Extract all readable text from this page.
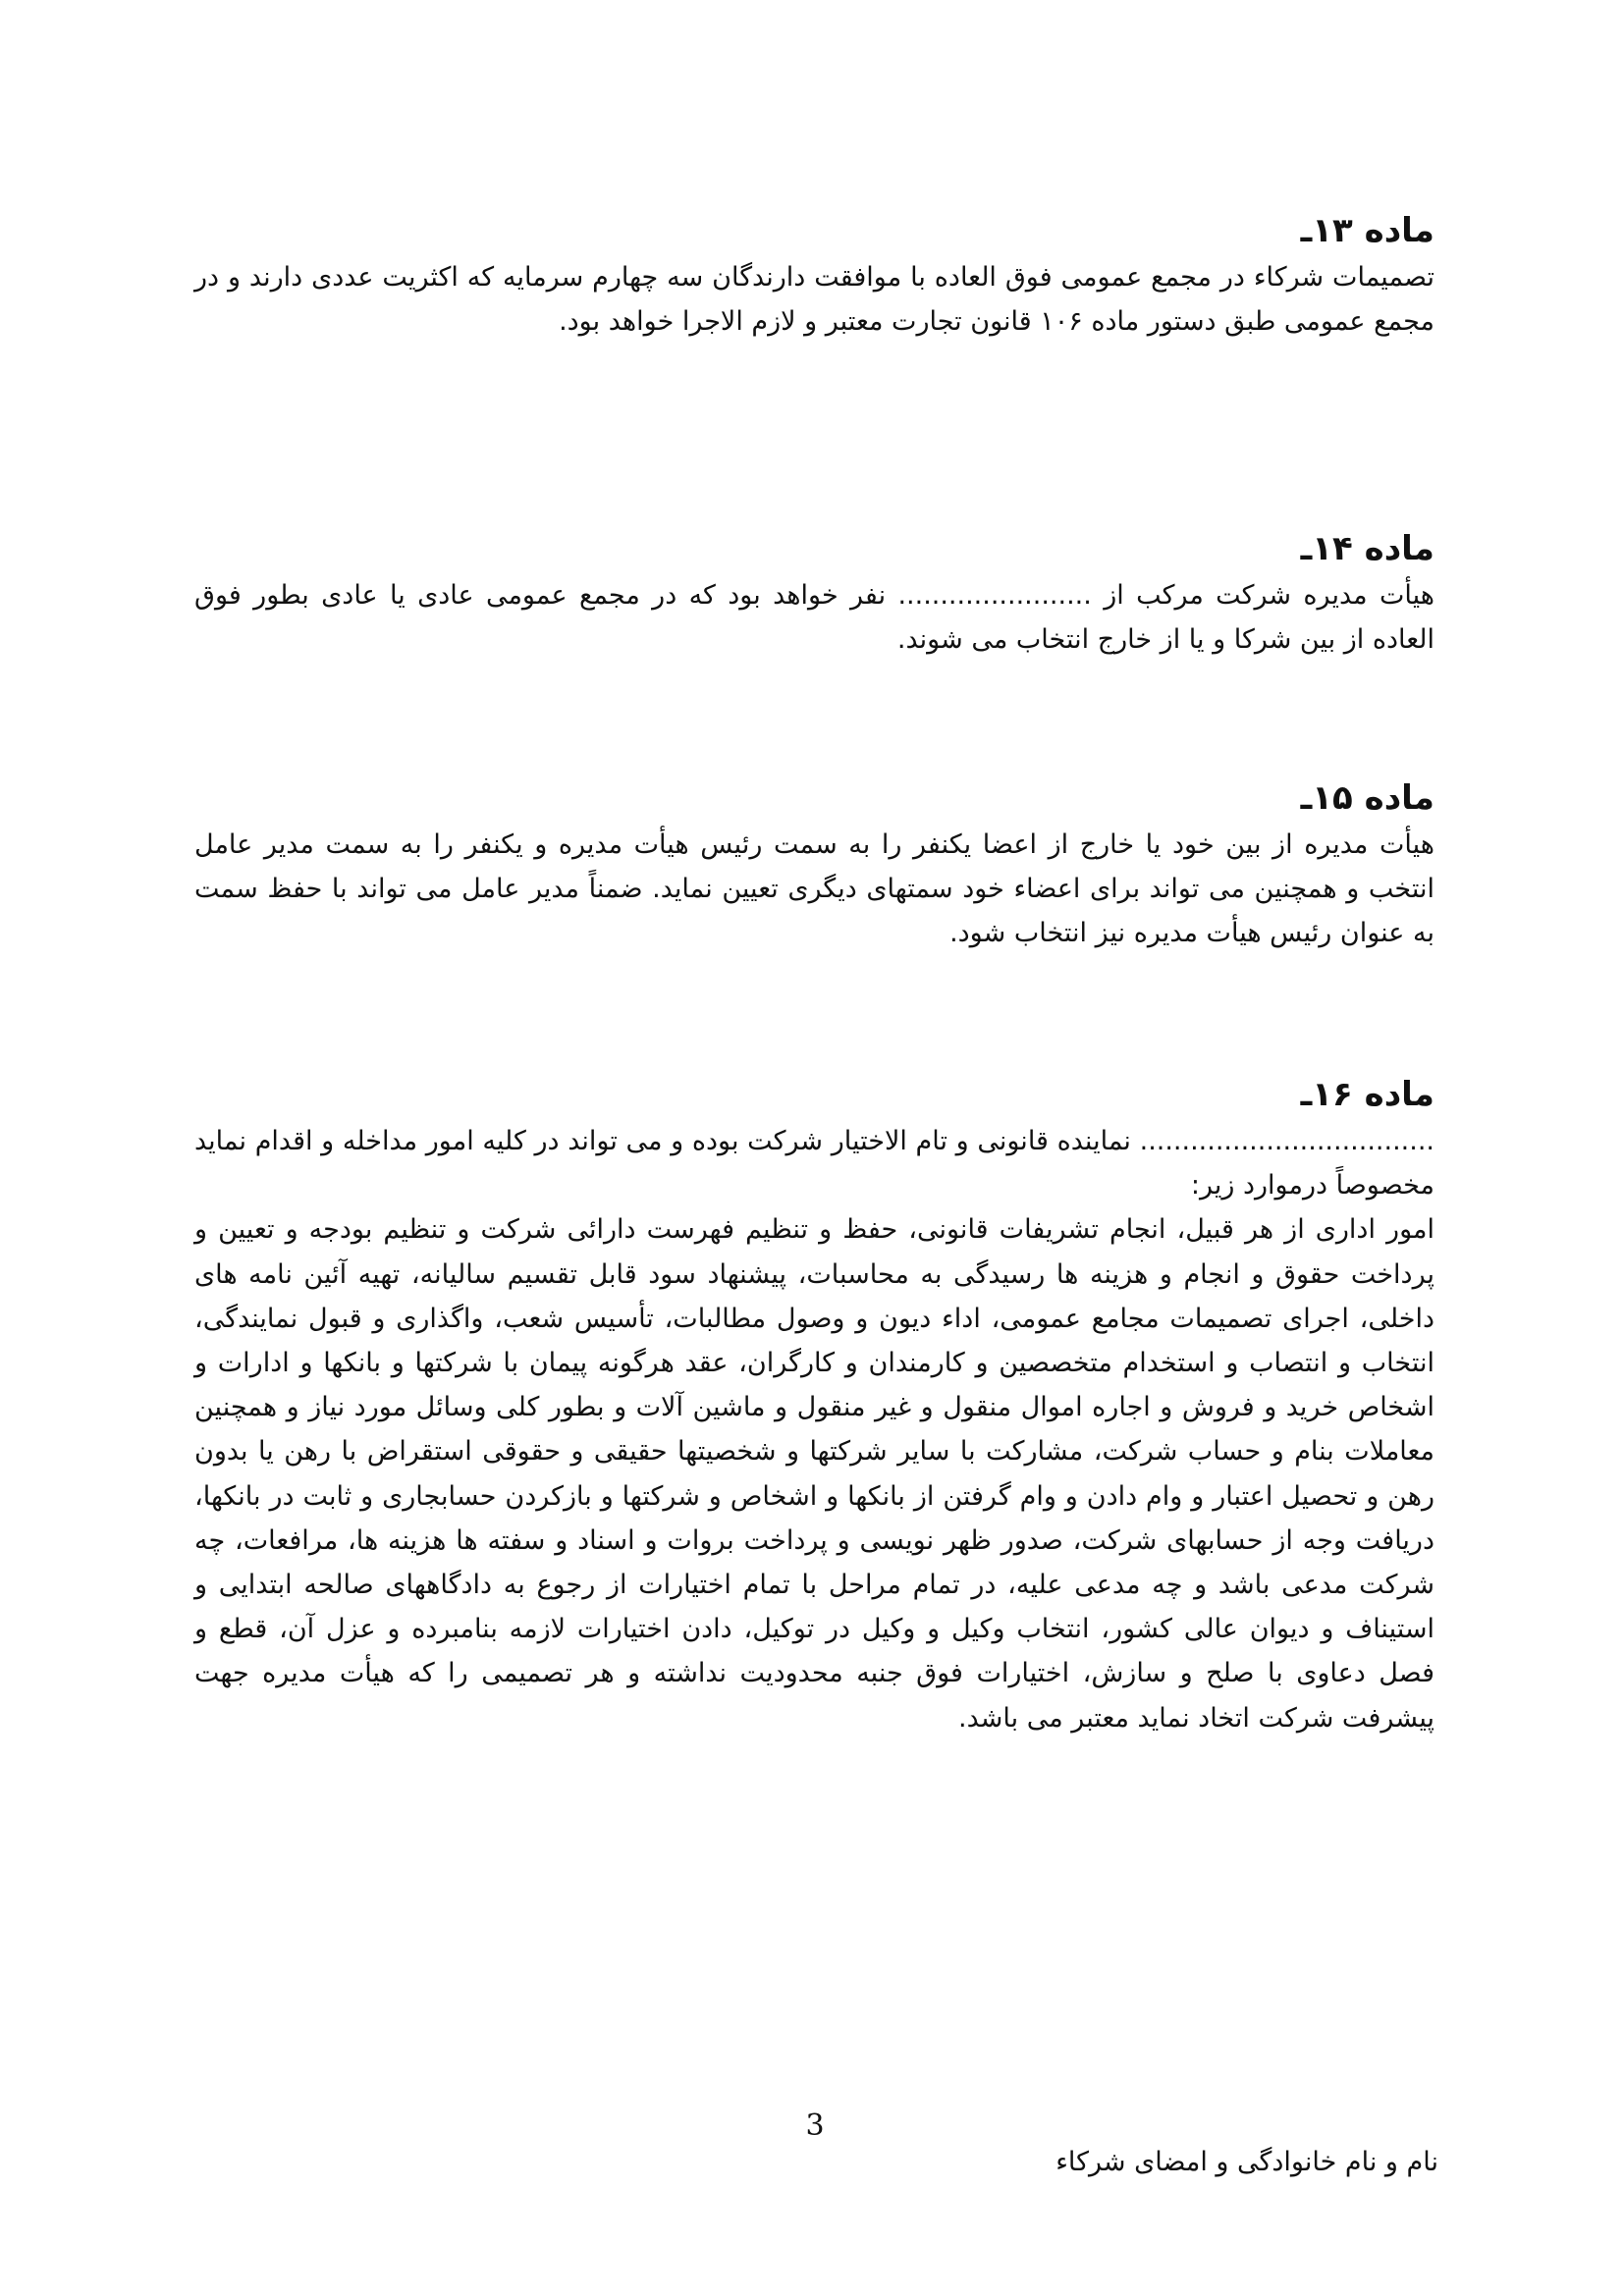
ماده ۱۳ـ

تصمیمات شرکاء در مجمع عمومی فوق العاده با موافقت دارندگان سه چهارم سرمایه که اکثریت عددی دارند و در مجمع عمومی طبق دستور ماده ۱۰۶ قانون تجارت معتبر و لازم الاجرا خواهد بود.

ماده ۱۴ـ

هیأت مدیره شرکت مرکب از ....................... نفر خواهد بود که در مجمع عمومی عادی یا عادی بطور فوق العاده از بین شرکا و یا از خارج انتخاب می شوند.

ماده ۱۵ـ

هیأت مدیره از بین خود یا خارج از اعضا یکنفر را به سمت رئیس هیأت مدیره و یکنفر را به سمت مدیر عامل انتخب و همچنین می تواند برای اعضاء خود سمتهای دیگری تعیین نماید. ضمناً مدیر عامل می تواند با حفظ سمت به عنوان رئیس هیأت مدیره نیز انتخاب شود.

ماده ۱۶ـ

................................... نماینده قانونی و تام الاختیار شرکت بوده و می تواند در کلیه امور مداخله و اقدام نماید مخصوصاً درموارد زیر:

امور اداری از هر قبیل، انجام تشریفات قانونی، حفظ و تنظیم فهرست دارائی شرکت و تنظیم بودجه و تعیین و پرداخت حقوق و انجام و هزینه ها رسیدگی به محاسبات، پیشنهاد سود قابل تقسیم سالیانه، تهیه آئین نامه های داخلی، اجرای تصمیمات مجامع عمومی، اداء دیون و وصول مطالبات، تأسیس شعب، واگذاری و قبول نمایندگی، انتخاب و انتصاب و استخدام متخصصین و کارمندان و کارگران، عقد هرگونه پیمان با شرکتها و بانکها و ادارات و اشخاص خرید و فروش و اجاره اموال منقول و غیر منقول و ماشین آلات و بطور کلی وسائل مورد نیاز و همچنین معاملات بنام و حساب شرکت، مشارکت با سایر شرکتها و شخصیتها حقیقی و حقوقی استقراض با رهن یا بدون رهن و تحصیل اعتبار و وام دادن و وام گرفتن از بانکها و اشخاص و شرکتها و بازکردن حسابجاری و ثابت در بانکها، دریافت وجه از حسابهای شرکت، صدور ظهر نویسی و پرداخت بروات و اسناد و سفته ها هزینه ها، مرافعات، چه شرکت مدعی باشد و چه مدعی علیه، در تمام مراحل با تمام اختیارات از رجوع به دادگاههای صالحه ابتدایی و استیناف و دیوان عالی کشور، انتخاب وکیل و وکیل در توکیل، دادن اختیارات لازمه بنامبرده و عزل آن، قطع و فصل دعاوی با صلح و سازش، اختیارات فوق جنبه محدودیت نداشته و هر تصمیمی را که هیأت مدیره جهت پیشرفت شرکت اتخاد نماید معتبر می باشد.

3
نام و نام خانوادگی و امضای شرکاء
